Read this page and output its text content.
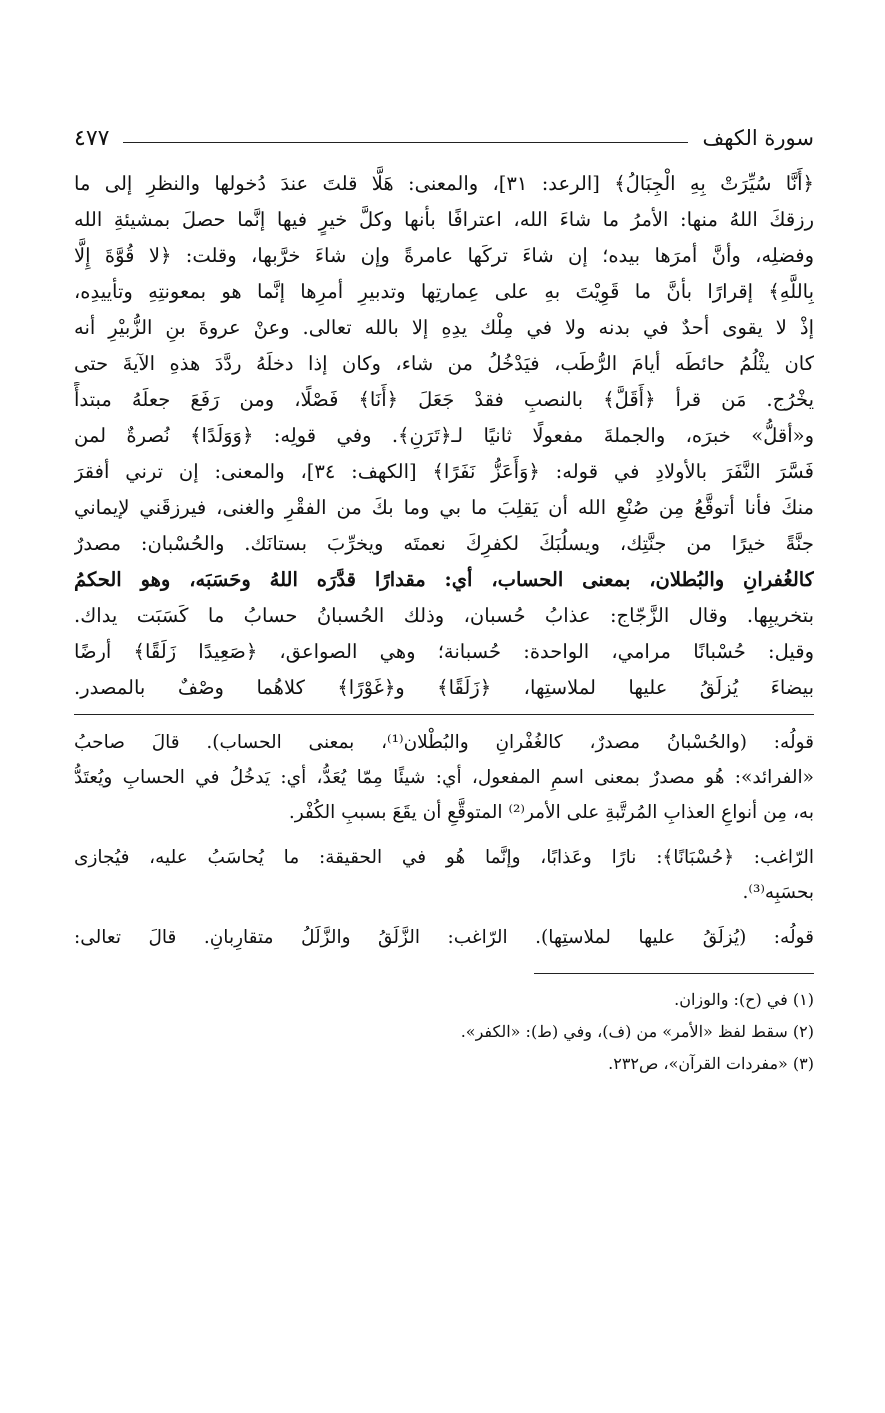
سورة الكهف
٤٧٧
﴿أَنَّا سُيِّرَتْ بِهِ الْجِبَالُ﴾ [الرعد: ٣١]، والمعنى: هَلَّا قلتَ عندَ دُخولها والنظرِ إلى ما
رزقكَ اللهُ منها: الأمرُ ما شاءَ الله، اعترافًا بأنها وكلَّ خيرٍ فيها إنَّما حصلَ بمشيئةِ الله
وفضلِه، وأنَّ أمرَها بيده؛ إن شاءَ تركَها عامرةً وإن شاءَ خرَّبها، وقلت: ﴿لا قُوَّةَ إِلَّا
بِاللَّهِ﴾ إقرارًا بأنَّ ما قَوِيْتَ بهِ على عِمارتِها وتدبيرِ أمرِها إنَّما هو بمعونتِهِ وتأييدِه،
إذْ لا يقوى أحدٌ في بدنه ولا في مِلْك يدِهِ إلا بالله تعالى. وعنْ عروةَ بنِ الزُّبيْرِ أنه
كان يثْلُمُ حائطَه أيامَ الرُّطَب، فيَدْخُلُ من شاء، وكان إذا دخلَهُ ردَّدَ هذهِ الآيةَ حتى
يخْرُج. مَن قرأ ﴿أَقَلَّ﴾ بالنصبِ فقدْ جَعَلَ ﴿أَنَا﴾ فَصْلًا، ومن رَفَعَ جعلَهُ مبتدأً
و«أقلُّ» خبرَه، والجملةَ مفعولًا ثانيًا لـ﴿تَرَنِ﴾. وفي قولِه: ﴿وَوَلَدًا﴾ نُصرةٌ لمن
فَسَّرَ النَّفَرَ بالأولادِ في قوله: ﴿وَأَعَزُّ نَفَرًا﴾ [الكهف: ٣٤]، والمعنى: إن ترني أفقرَ
منكَ فأنا أتوقَّعُ مِن صُنْعِ الله أن يَقلِبَ ما بي وما بكَ من الفقْرِ والغنى، فيرزقَني لإيماني
جنَّةً خيرًا من جنَّتِك، ويسلُبَكَ لكفرِكَ نعمتَه ويخرِّبَ بستانَك. والحُسْبان: مصدرٌ
كالغُفرانِ والبُطلان، بمعنى الحساب، أي: مقدارًا قدَّرَه اللهُ وحَسَبَه، وهو الحكمُ
بتخريبِها. وقال الزَّجّاج: عذابُ حُسبان، وذلك الحُسبانُ حسابُ ما كَسَبَت يداك.
وقيل: حُسْبانًا مرامي، الواحدة: حُسبانة؛ وهي الصواعق، ﴿صَعِيدًا زَلَقًا﴾ أرضًا
بيضاءَ يُزلَقُ عليها لملاستِها، ﴿زَلَقًا﴾ و﴿غَوْرًا﴾ كلاهُما وصْفٌ بالمصدر.
قولُه: (والحُسْبانُ مصدرٌ، كالغُفْرانِ والبُطْلان⁽¹⁾، بمعنى الحساب). قالَ صاحبُ
«الفرائد»: هُو مصدرٌ بمعنى اسمِ المفعول، أي: شيئًا مِمّا يُعَدُّ، أي: يَدخُلُ في الحسابِ ويُعتَدُّ
به، مِن أنواعِ العذابِ المُرتَّبةِ على الأمر⁽²⁾ المتوقَّعِ أن يقَعَ بسببِ الكُفْر.
الرّاغب: ﴿حُسْبَانًا﴾: نارًا وعَذابًا، وإنَّما هُو في الحقيقة: ما يُحاسَبُ عليه، فيُجازى
بحسَبِه⁽³⁾.
قولُه: (يُزلَقُ عليها لملاستِها). الرّاغب: الزَّلَقُ والزَّلَلُ متقارِبانِ. قالَ تعالى:
(١) في (ح): والوزان.
(٢) سقط لفظ «الأمر» من (ف)، وفي (ط): «الكفر».
(٣) «مفردات القرآن»، ص٢٣٢.
